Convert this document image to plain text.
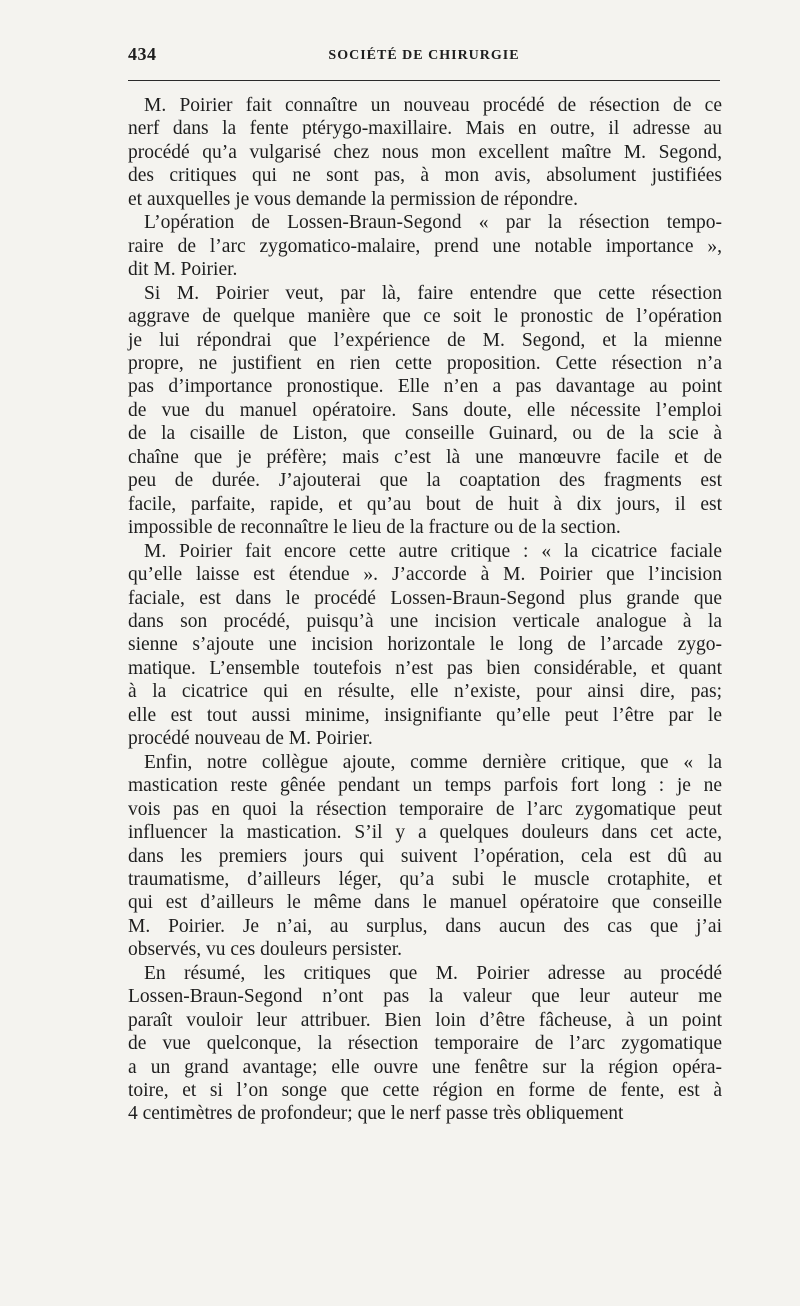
434	SOCIÉTÉ DE CHIRURGIE
M. Poirier fait connaître un nouveau procédé de résection de ce
nerf dans la fente ptérygo-maxillaire. Mais en outre, il adresse au
procédé qu’a vulgarisé chez nous mon excellent maître M. Segond,
des critiques qui ne sont pas, à mon avis, absolument justifiées
et auxquelles je vous demande la permission de répondre.
L’opération de Lossen-Braun-Segond « par la résection tempo-
raire de l’arc zygomatico-malaire, prend une notable importance »,
dit M. Poirier.
Si M. Poirier veut, par là, faire entendre que cette résection
aggrave de quelque manière que ce soit le pronostic de l’opération
je lui répondrai que l’expérience de M. Segond, et la mienne
propre, ne justifient en rien cette proposition. Cette résection n’a
pas d’importance pronostique. Elle n’en a pas davantage au point
de vue du manuel opératoire. Sans doute, elle nécessite l’emploi
de la cisaille de Liston, que conseille Guinard, ou de la scie à
chaîne que je préfère; mais c’est là une manœuvre facile et de
peu de durée. J’ajouterai que la coaptation des fragments est
facile, parfaite, rapide, et qu’au bout de huit à dix jours, il est
impossible de reconnaître le lieu de la fracture ou de la section.
M. Poirier fait encore cette autre critique : « la cicatrice faciale
qu’elle laisse est étendue ». J’accorde à M. Poirier que l’incision
faciale, est dans le procédé Lossen-Braun-Segond plus grande que
dans son procédé, puisqu’à une incision verticale analogue à la
sienne s’ajoute une incision horizontale le long de l’arcade zygo-
matique. L’ensemble toutefois n’est pas bien considérable, et quant
à la cicatrice qui en résulte, elle n’existe, pour ainsi dire, pas;
elle est tout aussi minime, insignifiante qu’elle peut l’être par le
procédé nouveau de M. Poirier.
Enfin, notre collègue ajoute, comme dernière critique, que « la
mastication reste gênée pendant un temps parfois fort long : je ne
vois pas en quoi la résection temporaire de l’arc zygomatique peut
influencer la mastication. S’il y a quelques douleurs dans cet acte,
dans les premiers jours qui suivent l’opération, cela est dû au
traumatisme, d’ailleurs léger, qu’a subi le muscle crotaphite, et
qui est d’ailleurs le même dans le manuel opératoire que conseille
M. Poirier. Je n’ai, au surplus, dans aucun des cas que j’ai
observés, vu ces douleurs persister.
En résumé, les critiques que M. Poirier adresse au procédé
Lossen-Braun-Segond n’ont pas la valeur que leur auteur me
paraît vouloir leur attribuer. Bien loin d’être fâcheuse, à un point
de vue quelconque, la résection temporaire de l’arc zygomatique
a un grand avantage; elle ouvre une fenêtre sur la région opéra-
toire, et si l’on songe que cette région en forme de fente, est à
4 centimètres de profondeur; que le nerf passe très obliquement
